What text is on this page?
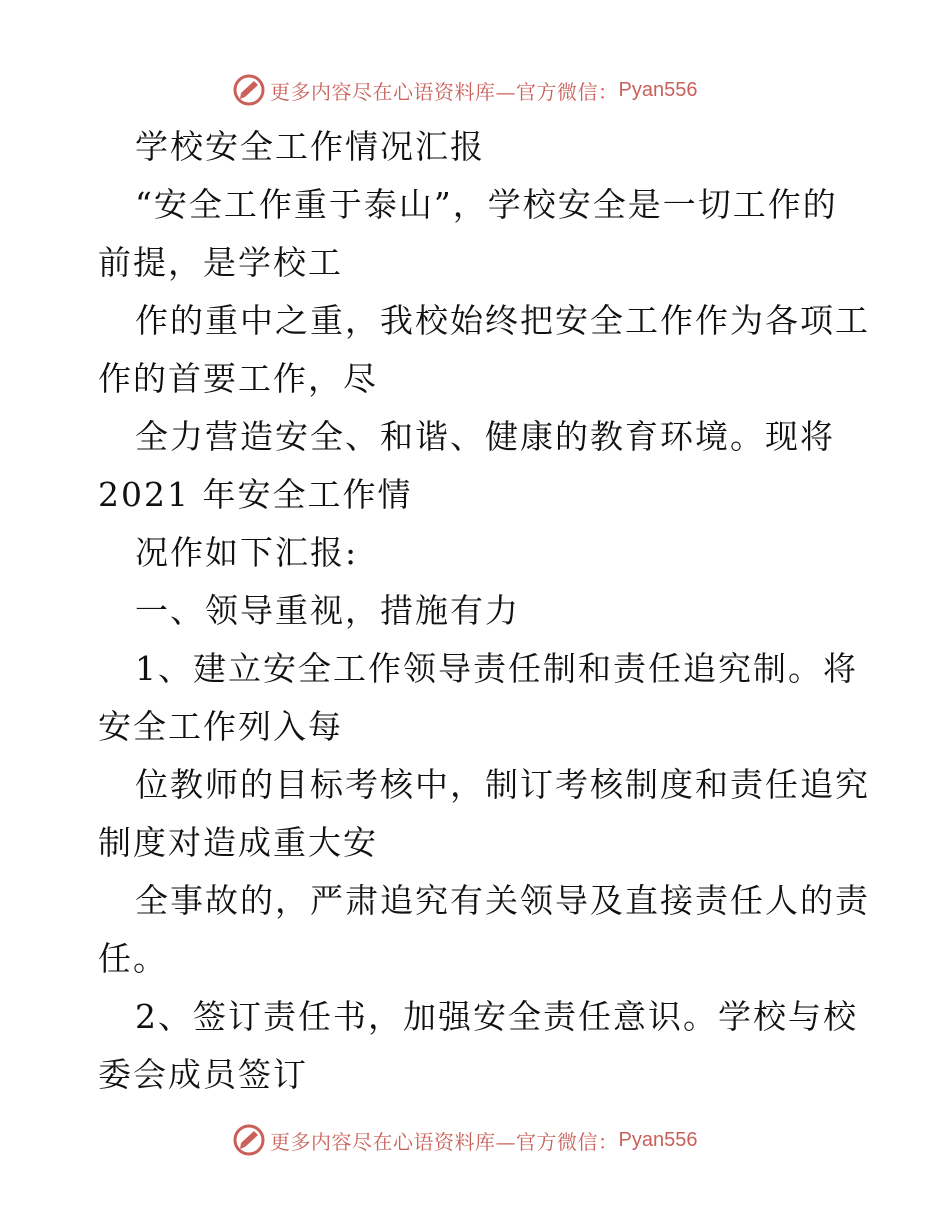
更多内容尽在心语资料库—官方微信： Pyan556
学校安全工作情况汇报
“安全工作重于泰山”，学校安全是一切工作的
前提，是学校工
作的重中之重，我校始终把安全工作作为各项工
作的首要工作，尽
全力营造安全、和谐、健康的教育环境。现将
2021 年安全工作情
况作如下汇报:
一、领导重视，措施有力
1、建立安全工作领导责任制和责任追究制。将
安全工作列入每
位教师的目标考核中，制订考核制度和责任追究
制度对造成重大安
全事故的，严肃追究有关领导及直接责任人的责
任。
2、签订责任书，加强安全责任意识。学校与校
委会成员签订
更多内容尽在心语资料库—官方微信： Pyan556
